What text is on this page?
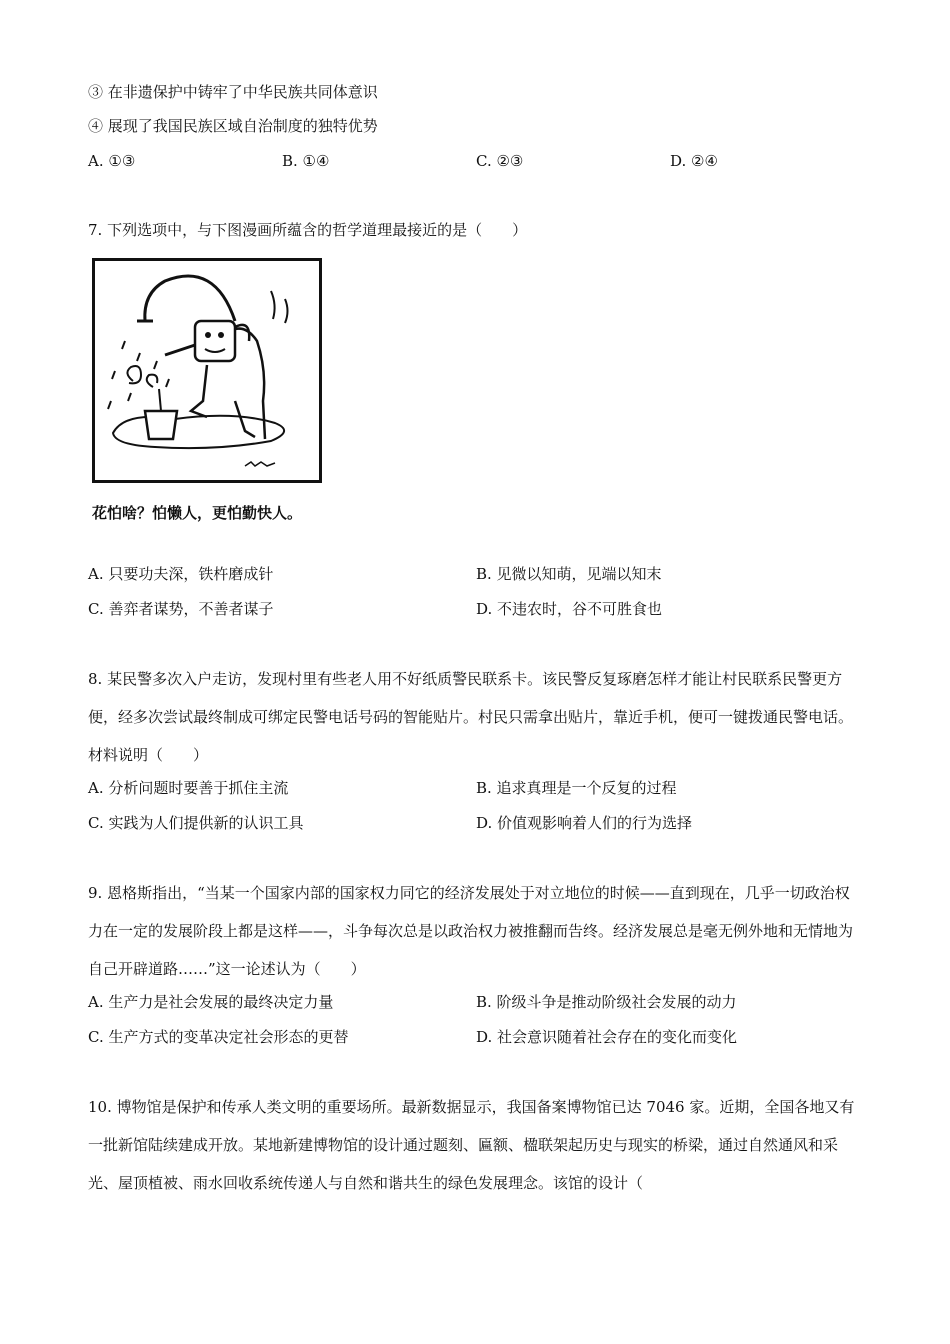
③ 在非遗保护中铸牢了中华民族共同体意识
④ 展现了我国民族区域自治制度的独特优势
A. ①③	B. ①④	C. ②③	D. ②④
7. 下列选项中，与下图漫画所蕴含的哲学道理最接近的是（　　）
花怕啥？怕懒人，更怕勤快人。
A. 只要功夫深，铁杵磨成针	B. 见微以知萌，见端以知末
C. 善弈者谋势，不善者谋子	D. 不违农时，谷不可胜食也
8. 某民警多次入户走访，发现村里有些老人用不好纸质警民联系卡。该民警反复琢磨怎样才能让村民联系民警更方便，经多次尝试最终制成可绑定民警电话号码的智能贴片。村民只需拿出贴片，靠近手机，便可一键拨通民警电话。材料说明（　　）
A. 分析问题时要善于抓住主流	B. 追求真理是一个反复的过程
C. 实践为人们提供新的认识工具	D. 价值观影响着人们的行为选择
9. 恩格斯指出，“当某一个国家内部的国家权力同它的经济发展处于对立地位的时候——直到现在，几乎一切政治权力在一定的发展阶段上都是这样——，斗争每次总是以政治权力被推翻而告终。经济发展总是毫无例外地和无情地为自己开辟道路……”这一论述认为（　　）
A. 生产力是社会发展的最终决定力量	B. 阶级斗争是推动阶级社会发展的动力
C. 生产方式的变革决定社会形态的更替	D. 社会意识随着社会存在的变化而变化
10. 博物馆是保护和传承人类文明的重要场所。最新数据显示，我国备案博物馆已达 7046 家。近期，全国各地又有一批新馆陆续建成开放。某地新建博物馆的设计通过题刻、匾额、楹联架起历史与现实的桥梁，通过自然通风和采光、屋顶植被、雨水回收系统传递人与自然和谐共生的绿色发展理念。该馆的设计（
